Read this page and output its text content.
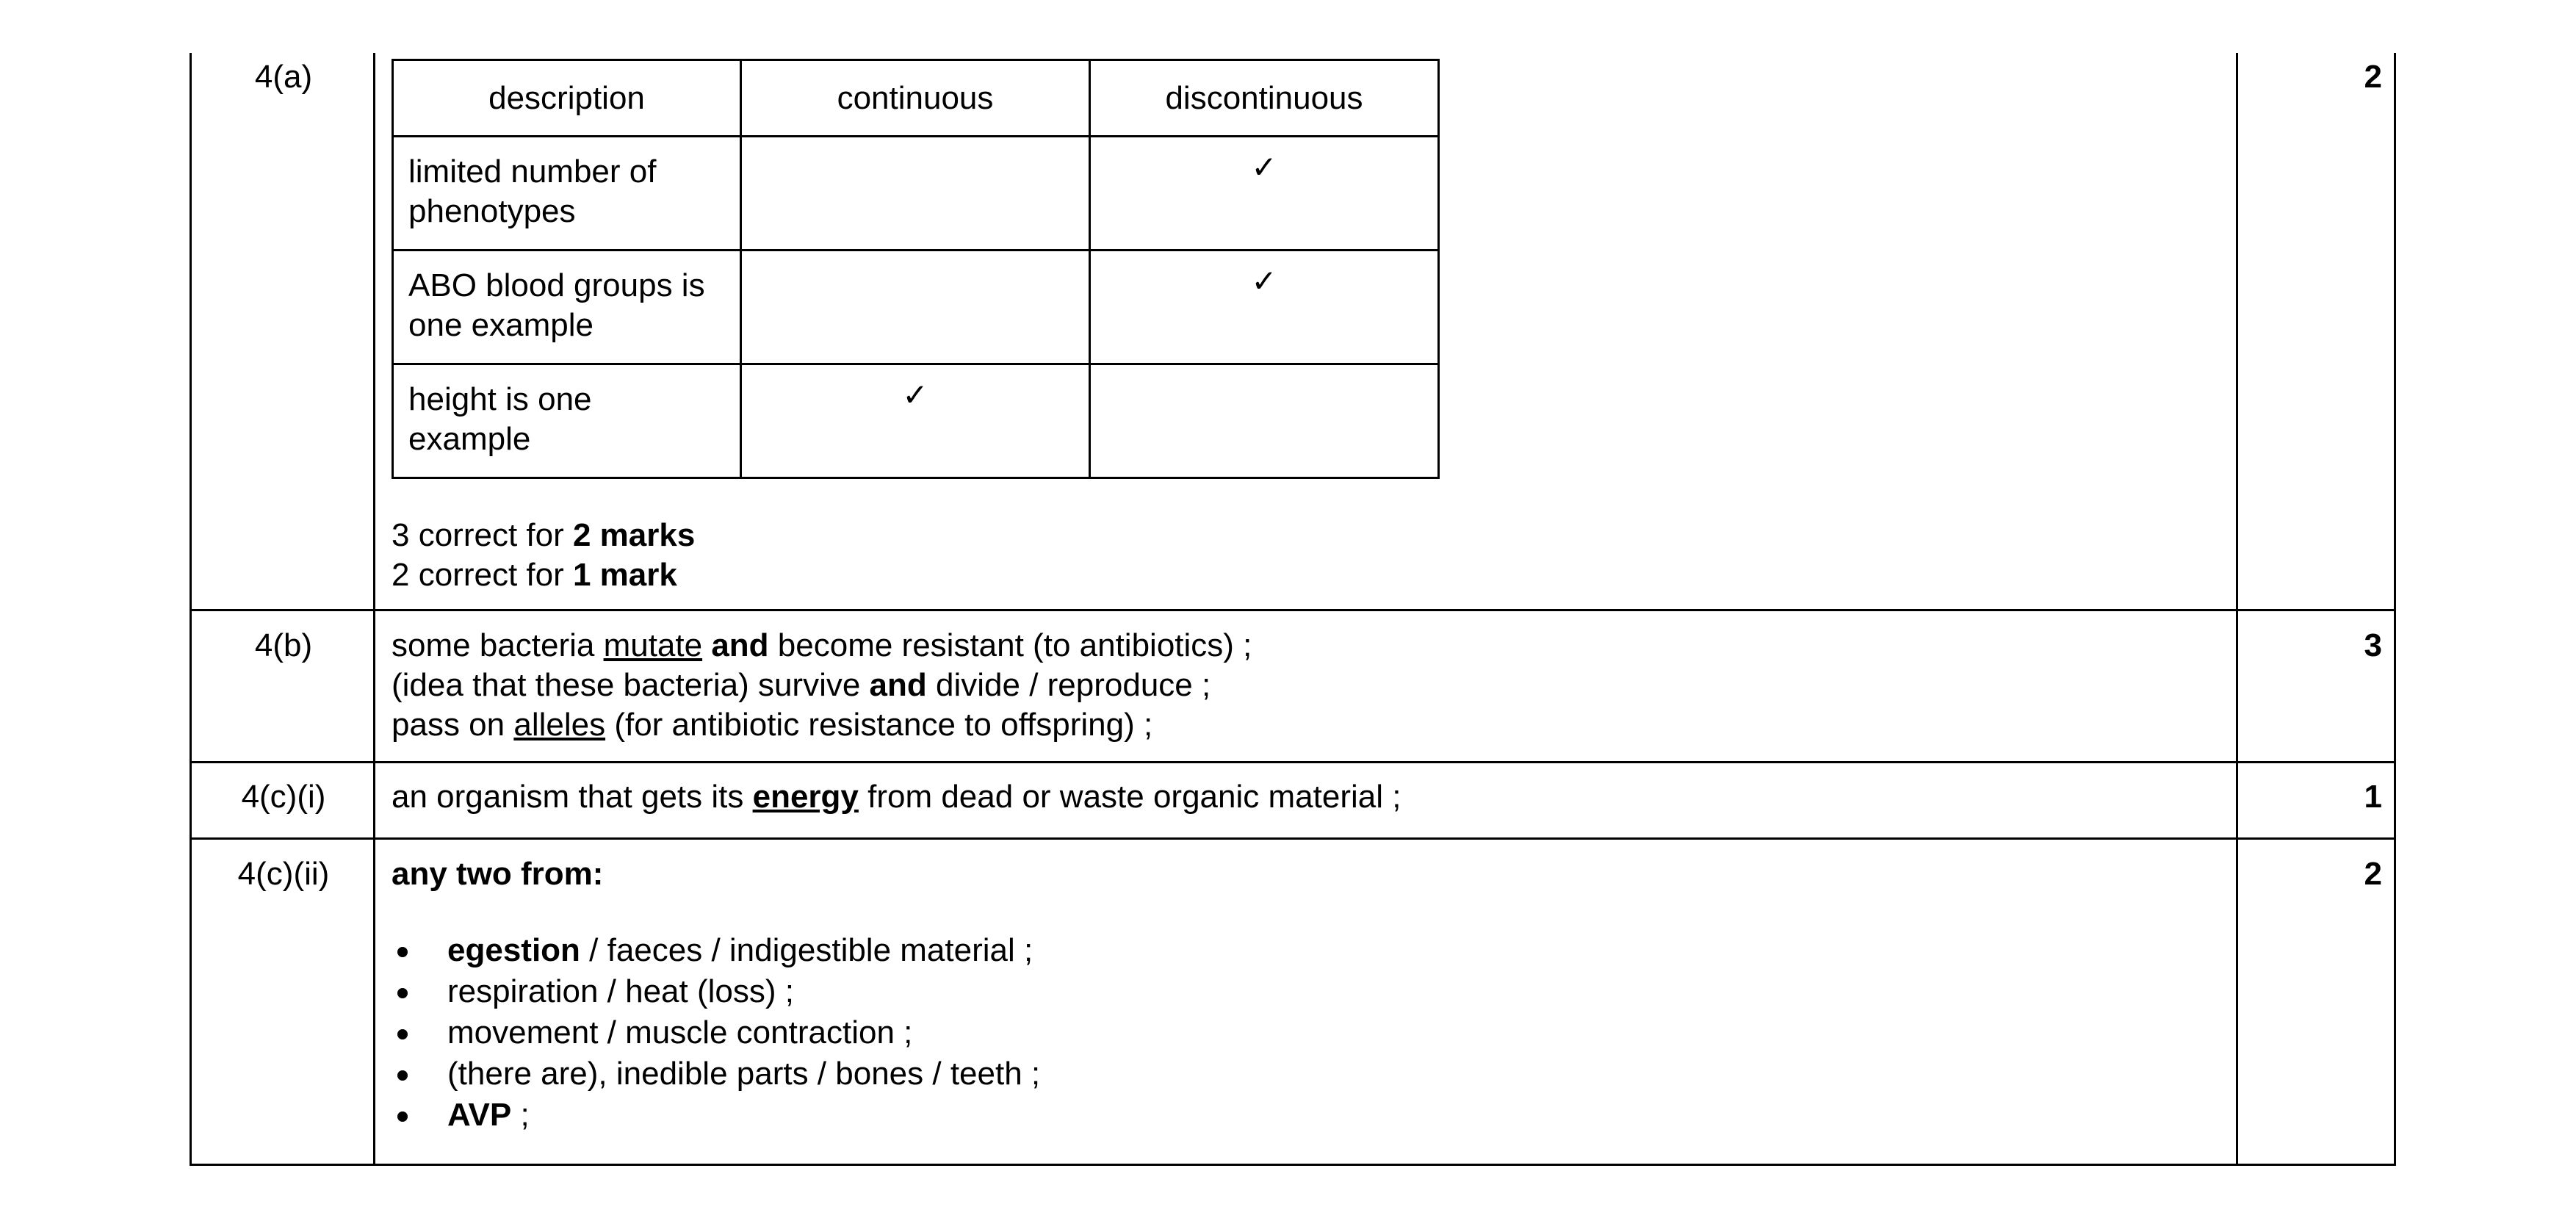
4(a)	2
description	continuous	discontinuous

limited number of
phenotypes		✓

ABO blood groups is
one example		✓

height is one
example	✓	

3 correct for 2 marks
2 correct for 1 mark
4(b)	3
some bacteria mutate and become resistant (to antibiotics) ;
(idea that these bacteria) survive and divide / reproduce ;
pass on alleles (for antibiotic resistance to offspring) ;
4(c)(i)	1
an organism that gets its energy from dead or waste organic material ;
4(c)(ii)	2
any two from:
egestion / faeces / indigestible material ;
respiration / heat (loss) ;
movement / muscle contraction ;
(there are), inedible parts / bones / teeth ;
AVP ;
